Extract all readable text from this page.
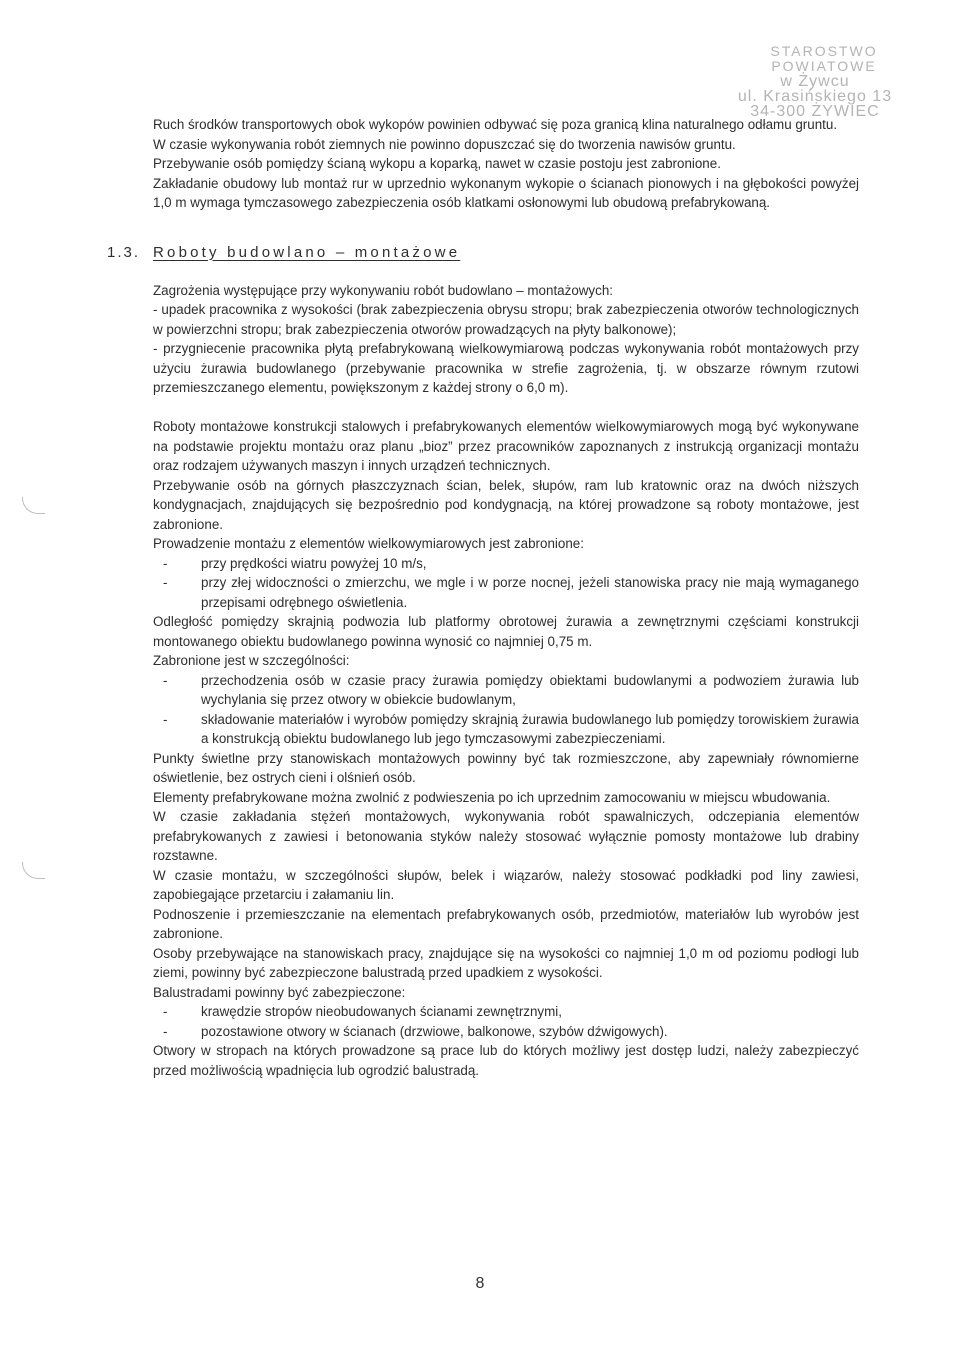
STAROSTWO POWIATOWE
w Żywcu
ul. Krasińskiego 13
34-300 ŻYWIEC

Ruch środków transportowych obok wykopów powinien odbywać się poza granicą klina naturalnego odłamu gruntu.

W czasie wykonywania robót ziemnych nie powinno dopuszczać się do tworzenia nawisów gruntu.

Przebywanie osób pomiędzy ścianą wykopu a koparką, nawet w czasie postoju jest zabronione.

Zakładanie obudowy lub montaż rur w uprzednio wykonanym wykopie o ścianach pionowych i na głębokości powyżej 1,0 m wymaga tymczasowego zabezpieczenia osób klatkami osłonowymi lub obudową prefabrykowaną.

1.3. Roboty budowlano – montażowe

Zagrożenia występujące przy wykonywaniu robót budowlano – montażowych:

- upadek pracownika z wysokości (brak zabezpieczenia obrysu stropu; brak zabezpieczenia otworów technologicznych w powierzchni stropu; brak zabezpieczenia otworów prowadzących na płyty balkonowe);

- przygniecenie pracownika płytą prefabrykowaną wielkowymiarową podczas wykonywania robót montażowych przy użyciu żurawia budowlanego (przebywanie pracownika w strefie zagrożenia, tj. w obszarze równym rzutowi przemieszczanego elementu, powiększonym z każdej strony o 6,0 m).

Roboty montażowe konstrukcji stalowych i prefabrykowanych elementów wielkowymiarowych mogą być wykonywane na podstawie projektu montażu oraz planu „bioz” przez pracowników zapoznanych z instrukcją organizacji montażu oraz rodzajem używanych maszyn i innych urządzeń technicznych.

Przebywanie osób na górnych płaszczyznach ścian, belek, słupów, ram lub kratownic oraz na dwóch niższych kondygnacjach, znajdujących się bezpośrednio pod kondygnacją, na której prowadzone są roboty montażowe, jest zabronione.

Prowadzenie montażu z elementów wielkowymiarowych jest zabronione:

-	przy prędkości wiatru powyżej 10 m/s,
-	przy złej widoczności o zmierzchu, we mgle i w porze nocnej, jeżeli stanowiska pracy nie mają wymaganego przepisami odrębnego oświetlenia.

Odległość pomiędzy skrajnią podwozia lub platformy obrotowej żurawia a zewnętrznymi częściami konstrukcji montowanego obiektu budowlanego powinna wynosić co najmniej 0,75 m.

Zabronione jest w szczególności:

-	przechodzenia osób w czasie pracy żurawia pomiędzy obiektami budowlanymi a podwoziem żurawia lub wychylania się przez otwory w obiekcie budowlanym,
-	składowanie materiałów i wyrobów pomiędzy skrajnią żurawia budowlanego lub pomiędzy torowiskiem żurawia a konstrukcją obiektu budowlanego lub jego tymczasowymi zabezpieczeniami.

Punkty świetlne przy stanowiskach montażowych powinny być tak rozmieszczone, aby zapewniały równomierne oświetlenie, bez ostrych cieni i olśnień osób.

Elementy prefabrykowane można zwolnić z podwieszenia po ich uprzednim zamocowaniu w miejscu wbudowania.

W czasie zakładania stężeń montażowych, wykonywania robót spawalniczych, odczepiania elementów prefabrykowanych z zawiesi i betonowania styków należy stosować wyłącznie pomosty montażowe lub drabiny rozstawne.

W czasie montażu, w szczególności słupów, belek i wiązarów, należy stosować podkładki pod liny zawiesi, zapobiegające przetarciu i załamaniu lin.

Podnoszenie i przemieszczanie na elementach prefabrykowanych osób, przedmiotów, materiałów lub wyrobów jest zabronione.

Osoby przebywające na stanowiskach pracy, znajdujące się na wysokości co najmniej 1,0 m od poziomu podłogi lub ziemi, powinny być zabezpieczone balustradą przed upadkiem z wysokości.

Balustradami powinny być zabezpieczone:

-	krawędzie stropów nieobudowanych ścianami zewnętrznymi,
-	pozostawione otwory w ścianach (drzwiowe, balkonowe, szybów dźwigowych).

Otwory w stropach na których prowadzone są prace lub do których możliwy jest dostęp ludzi, należy zabezpieczyć przed możliwością wpadnięcia lub ogrodzić balustradą.

8
